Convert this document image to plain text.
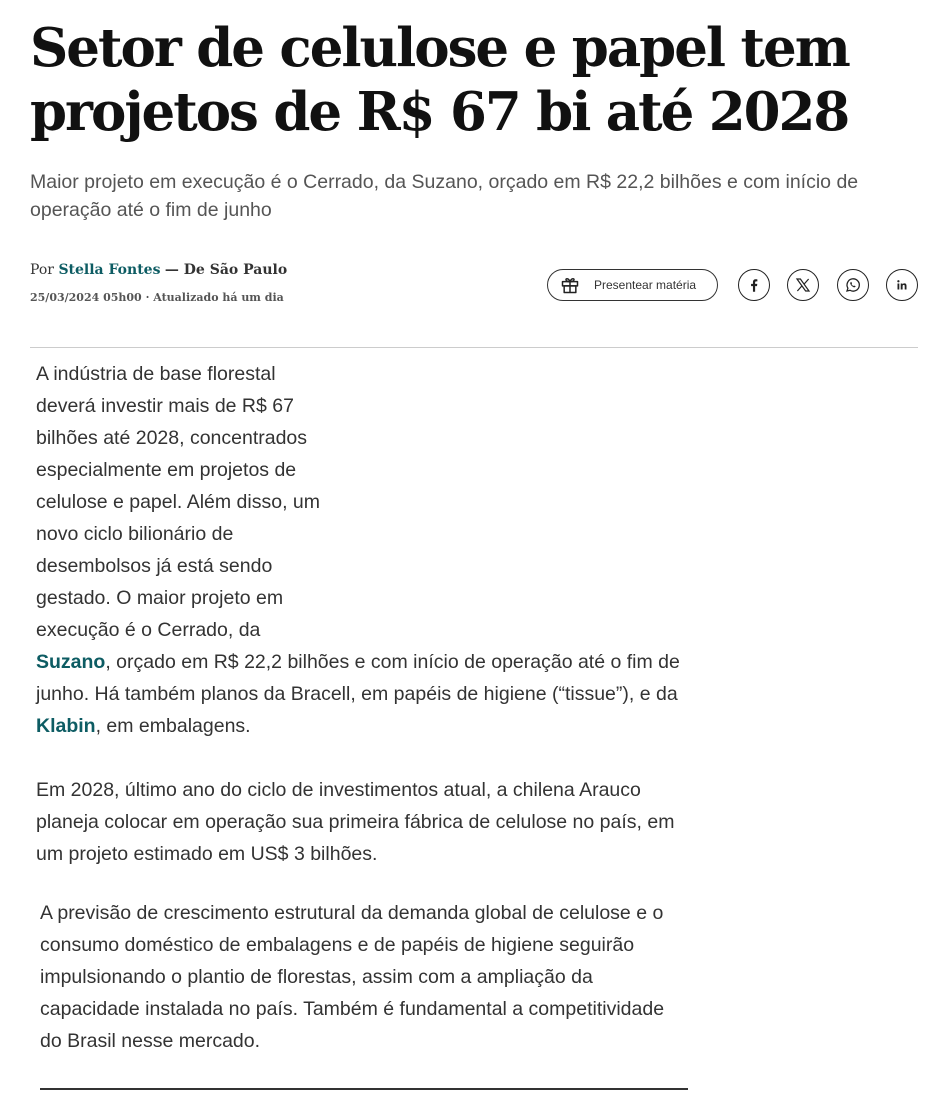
Setor de celulose e papel tem projetos de R$ 67 bi até 2028

Maior projeto em execução é o Cerrado, da Suzano, orçado em R$ 22,2 bilhões e com início de operação até o fim de junho

Por Stella Fontes — De São Paulo
25/03/2024 05h00 · Atualizado há um dia
Presentear matéria

A indústria de base florestal
deverá investir mais de R$ 67
bilhões até 2028, concentrados
especialmente em projetos de
celulose e papel. Além disso, um
novo ciclo bilionário de
desembolsos já está sendo
gestado. O maior projeto em
execução é o Cerrado, da
Suzano, orçado em R$ 22,2 bilhões e com início de operação até o fim de junho. Há também planos da Bracell, em papéis de higiene (“tissue”), e da
Klabin, em embalagens.

Em 2028, último ano do ciclo de investimentos atual, a chilena Arauco planeja colocar em operação sua primeira fábrica de celulose no país, em um projeto estimado em US$ 3 bilhões.

A previsão de crescimento estrutural da demanda global de celulose e o consumo doméstico de embalagens e de papéis de higiene seguirão impulsionando o plantio de florestas, assim com a ampliação da capacidade instalada no país. Também é fundamental a competitividade do Brasil nesse mercado.
